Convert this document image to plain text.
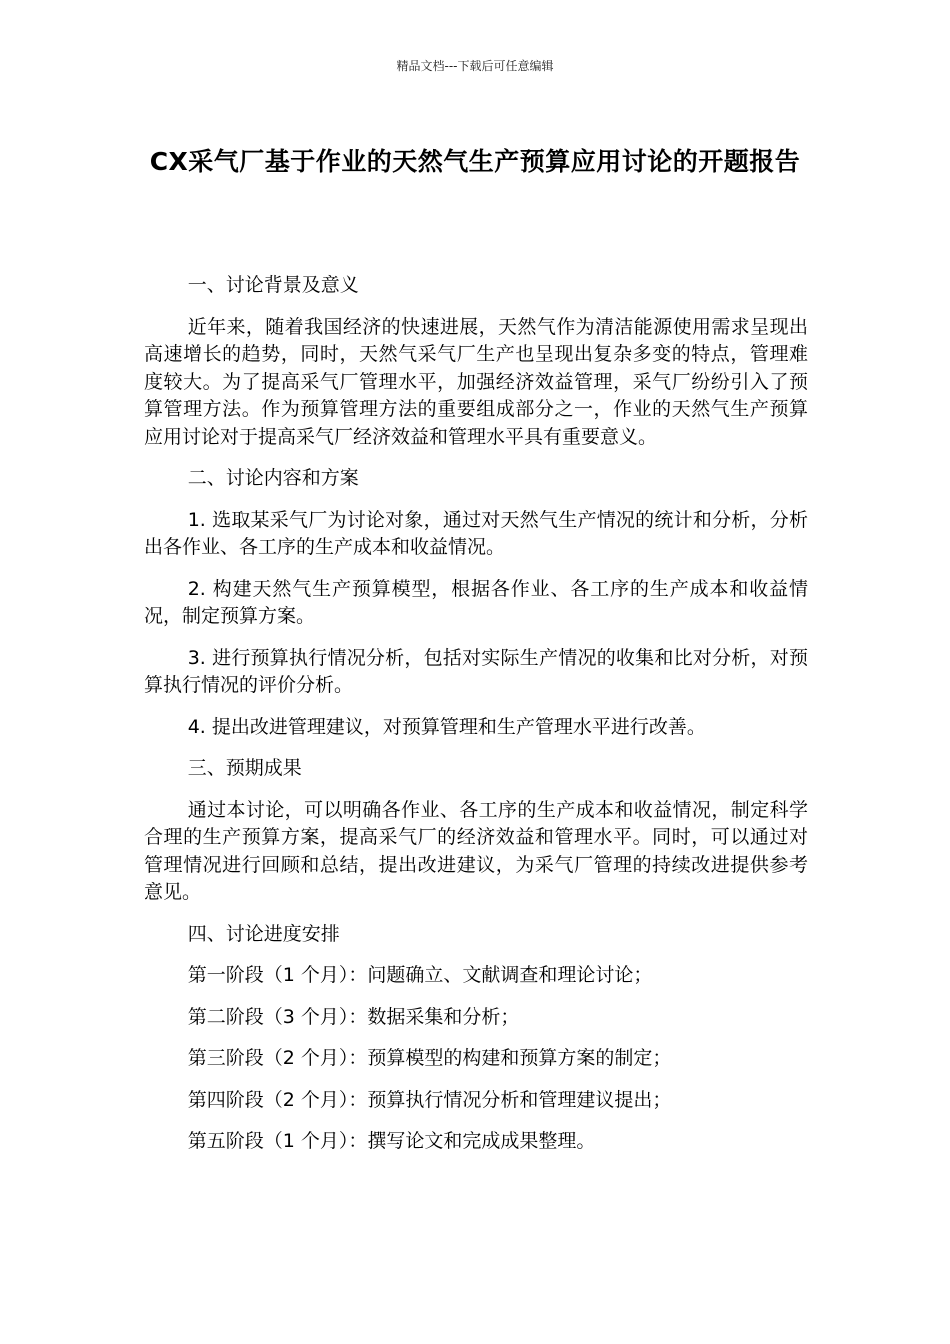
精品文档---下载后可任意编辑
CX采气厂基于作业的天然气生产预算应用讨论的开题报告

一、讨论背景及意义

近年来，随着我国经济的快速进展，天然气作为清洁能源使用需求呈现出高速增长的趋势，同时，天然气采气厂生产也呈现出复杂多变的特点，管理难度较大。为了提高采气厂管理水平，加强经济效益管理，采气厂纷纷引入了预算管理方法。作为预算管理方法的重要组成部分之一，作业的天然气生产预算应用讨论对于提高采气厂经济效益和管理水平具有重要意义。

二、讨论内容和方案

1. 选取某采气厂为讨论对象，通过对天然气生产情况的统计和分析，分析出各作业、各工序的生产成本和收益情况。

2. 构建天然气生产预算模型，根据各作业、各工序的生产成本和收益情况，制定预算方案。

3. 进行预算执行情况分析，包括对实际生产情况的收集和比对分析，对预算执行情况的评价分析。

4. 提出改进管理建议，对预算管理和生产管理水平进行改善。

三、预期成果

通过本讨论，可以明确各作业、各工序的生产成本和收益情况，制定科学合理的生产预算方案，提高采气厂的经济效益和管理水平。同时，可以通过对管理情况进行回顾和总结，提出改进建议，为采气厂管理的持续改进提供参考意见。

四、讨论进度安排

第一阶段（1 个月）：问题确立、文献调查和理论讨论；

第二阶段（3 个月）：数据采集和分析；

第三阶段（2 个月）：预算模型的构建和预算方案的制定；

第四阶段（2 个月）：预算执行情况分析和管理建议提出；

第五阶段（1 个月）：撰写论文和完成成果整理。
